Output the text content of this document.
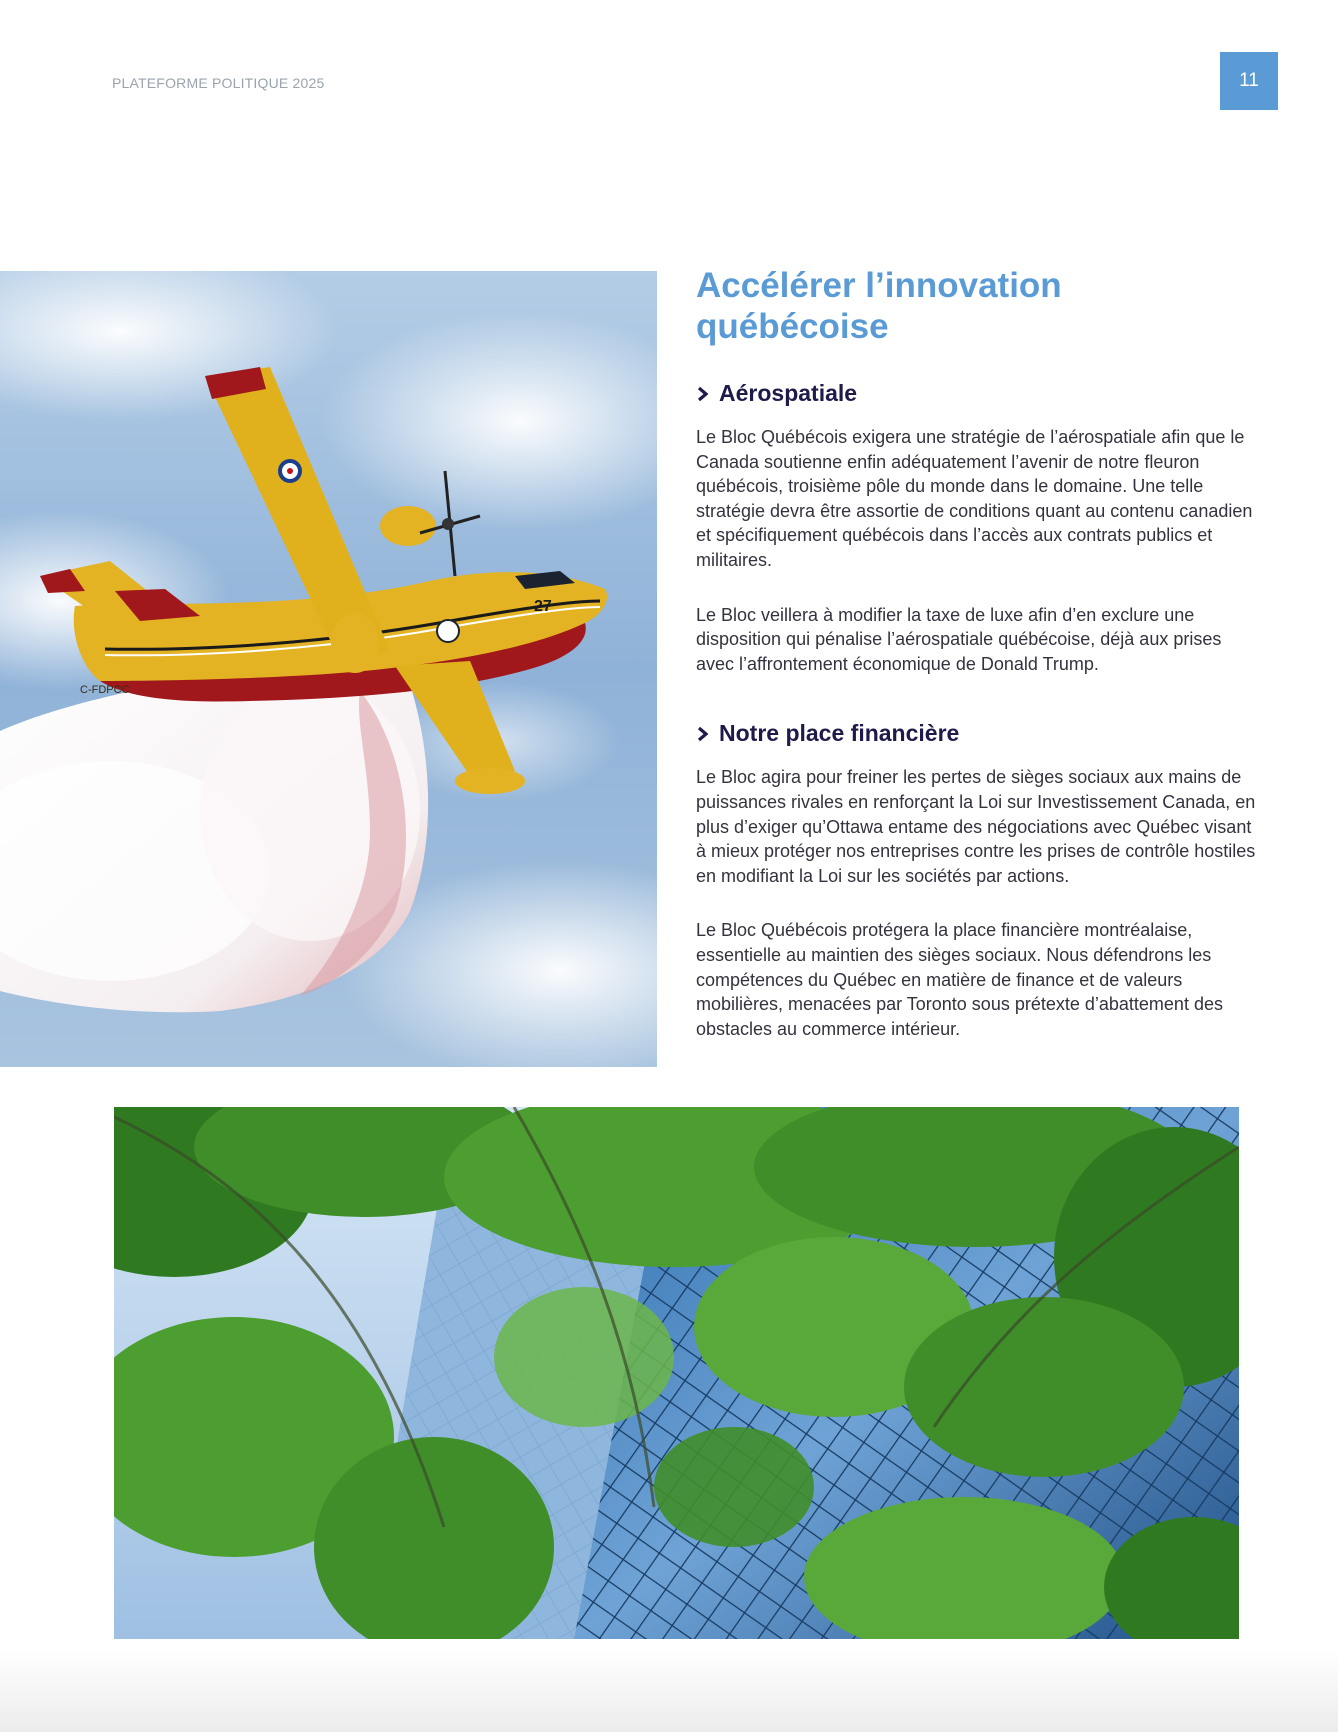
PLATEFORME POLITIQUE 2025	11
27
C-FDPCC
Accélérer l’innovation
québécoise
Aérospatiale

Le Bloc Québécois exigera une stratégie de l’aérospatiale afin que le Canada soutienne enfin adéquatement l’avenir de notre fleuron québécois, troisième pôle du monde dans le domaine. Une telle stratégie devra être assortie de conditions quant au contenu canadien et spécifiquement québécois dans l’accès aux contrats publics et militaires.

Le Bloc veillera à modifier la taxe de luxe afin d’en exclure une disposition qui pénalise l’aérospatiale québécoise, déjà aux prises avec l’affrontement économique de Donald Trump.

Notre place financière

Le Bloc agira pour freiner les pertes de sièges sociaux aux mains de puissances rivales en renforçant la Loi sur Investissement Canada, en plus d’exiger qu’Ottawa entame des négociations avec Québec visant à mieux protéger nos entreprises contre les prises de contrôle hostiles en modifiant la Loi sur les sociétés par actions.

Le Bloc Québécois protégera la place financière montréalaise, essentielle au maintien des sièges sociaux. Nous défendrons les compétences du Québec en matière de finance et de valeurs mobilières, menacées par Toronto sous prétexte d’abattement des obstacles au commerce intérieur.
